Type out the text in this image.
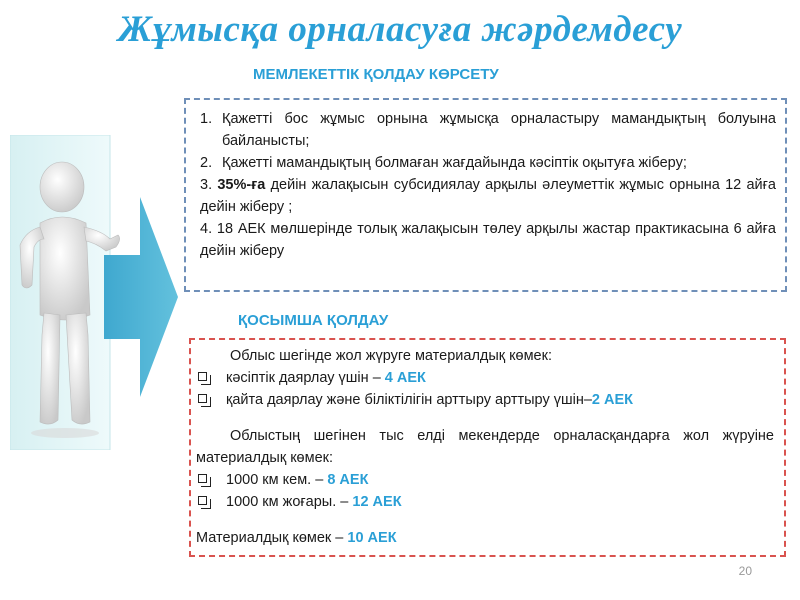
Жұмысқа орналасуға жәрдемдесу
МЕМЛЕКЕТТІК ҚОЛДАУ КӨРСЕТУ
1. Қажетті бос жұмыс орнына жұмысқа орналастыру мамандықтың болуына байланысты;
2. Қажетті мамандықтың болмаған жағдайында кәсіптік оқытуға жіберу;
3. 35%-ға дейін жалақысын субсидиялау арқылы әлеуметтік жұмыс орнына 12 айға дейін жіберу ;
4. 18 АЕК мөлшерінде толық жалақысын төлеу арқылы жастар практикасына 6 айға дейін жіберу
ҚОСЫМША ҚОЛДАУ
Облыс шегінде жол жүруге материалдық көмек:
кәсіптік даярлау үшін – 4 АЕК
қайта даярлау және біліктілігін арттыру арттыру үшін–2 АЕК
Облыстың шегінен тыс елді мекендерде орналасқандарға жол жүруіне материалдық көмек:
1000 км кем. – 8 АЕК
1000 км жоғары. – 12 АЕК
Материалдық көмек – 10 АЕК
20
